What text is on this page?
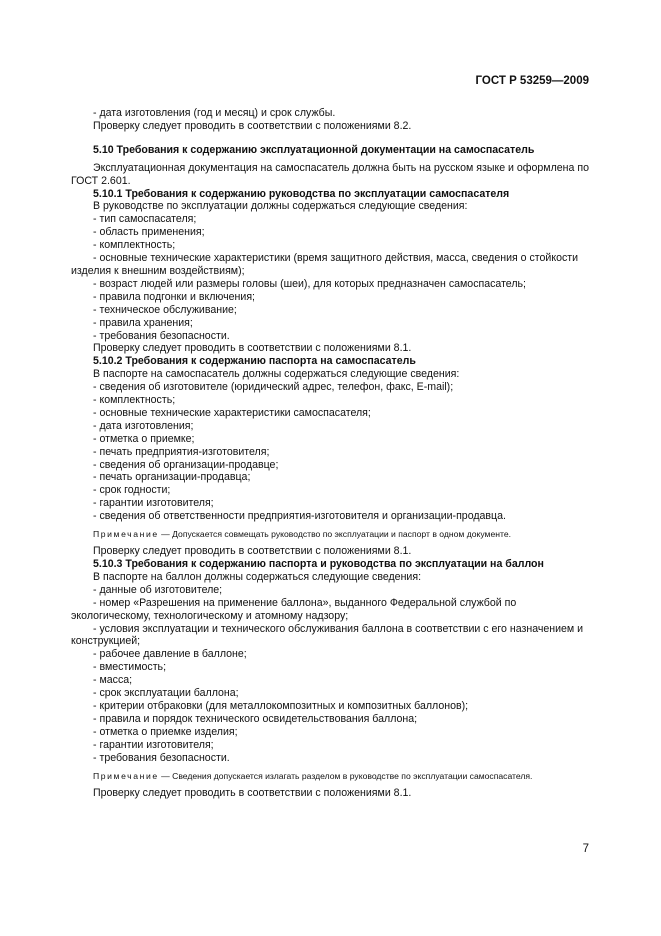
ГОСТ Р 53259—2009

- дата изготовления (год и месяц) и срок службы.

Проверку следует проводить в соответствии с положениями 8.2.

5.10 Требования к содержанию эксплуатационной документации на самоспасатель

Эксплуатационная документация на самоспасатель должна быть на русском языке и оформлена по ГОСТ 2.601.

5.10.1 Требования к содержанию руководства по эксплуатации самоспасателя

В руководстве по эксплуатации должны содержаться следующие сведения:

- тип самоспасателя;

- область применения;

- комплектность;

- основные технические характеристики (время защитного действия, масса, сведения о стойкости изделия к внешним воздействиям);

- возраст людей или размеры головы (шеи), для которых предназначен самоспасатель;

- правила подгонки и включения;

- техническое обслуживание;

- правила хранения;

- требования безопасности.

Проверку следует проводить в соответствии с положениями 8.1.

5.10.2 Требования к содержанию паспорта на самоспасатель

В паспорте на самоспасатель должны содержаться следующие сведения:

- сведения об изготовителе (юридический адрес, телефон, факс, E-mail);

- комплектность;

- основные технические характеристики самоспасателя;

- дата изготовления;

- отметка о приемке;

- печать предприятия-изготовителя;

- сведения об организации-продавце;

- печать организации-продавца;

- срок годности;

- гарантии изготовителя;

- сведения об ответственности предприятия-изготовителя и организации-продавца.

Примечание — Допускается совмещать руководство по эксплуатации и паспорт в одном документе.

Проверку следует проводить в соответствии с положениями 8.1.

5.10.3 Требования к содержанию паспорта и руководства по эксплуатации на баллон

В паспорте на баллон должны содержаться следующие сведения:

- данные об изготовителе;

- номер «Разрешения на применение баллона», выданного Федеральной службой по экологическому, технологическому и атомному надзору;

- условия эксплуатации и технического обслуживания баллона в соответствии с его назначением и конструкцией;

- рабочее давление в баллоне;

- вместимость;

- масса;

- срок эксплуатации баллона;

- критерии отбраковки (для металлокомпозитных и композитных баллонов);

- правила и порядок технического освидетельствования баллона;

- отметка о приемке изделия;

- гарантии изготовителя;

- требования безопасности.

Примечание — Сведения допускается излагать разделом в руководстве по эксплуатации самоспасателя.

Проверку следует проводить в соответствии с положениями 8.1.

7
